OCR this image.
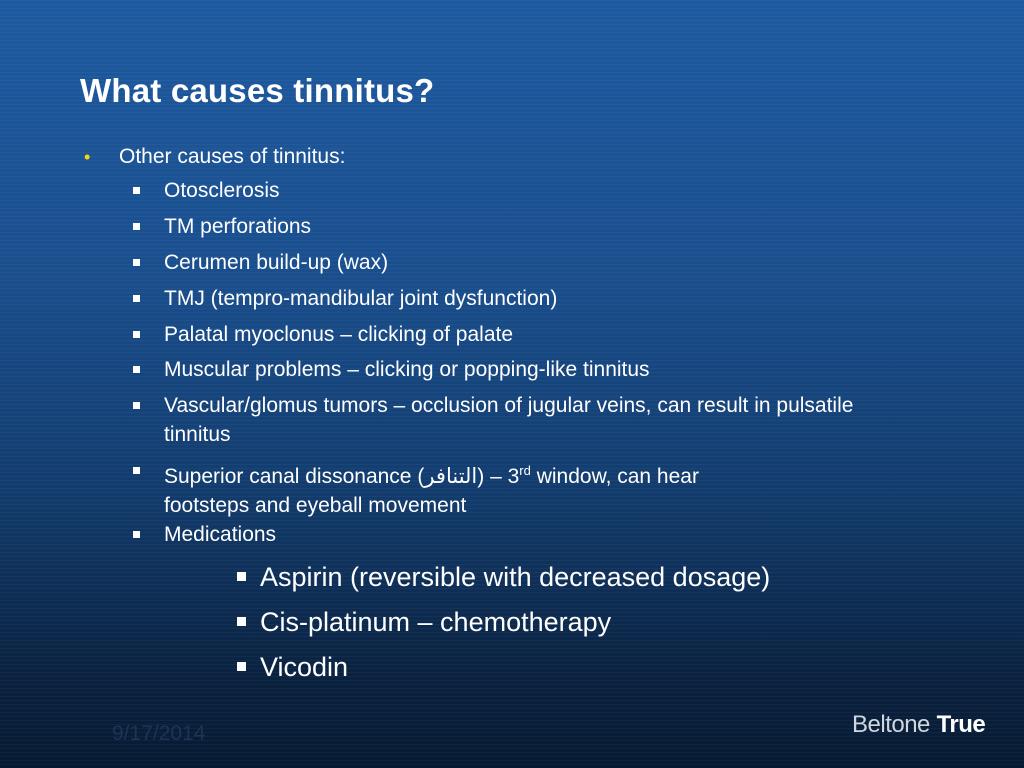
What causes tinnitus?
• Other causes of tinnitus:
Otosclerosis
TM perforations
Cerumen build-up (wax)
TMJ (tempro-mandibular joint dysfunction)
Palatal myoclonus – clicking of palate
Muscular problems – clicking or popping-like tinnitus
Vascular/glomus tumors – occlusion of jugular veins, can result in pulsatile tinnitus
Superior canal dissonance (التنافر) – 3rd window, can hear footsteps and eyeball movement
Medications
Aspirin (reversible with decreased dosage)
Cis-platinum – chemotherapy
Vicodin
9/17/2014	Beltone True
